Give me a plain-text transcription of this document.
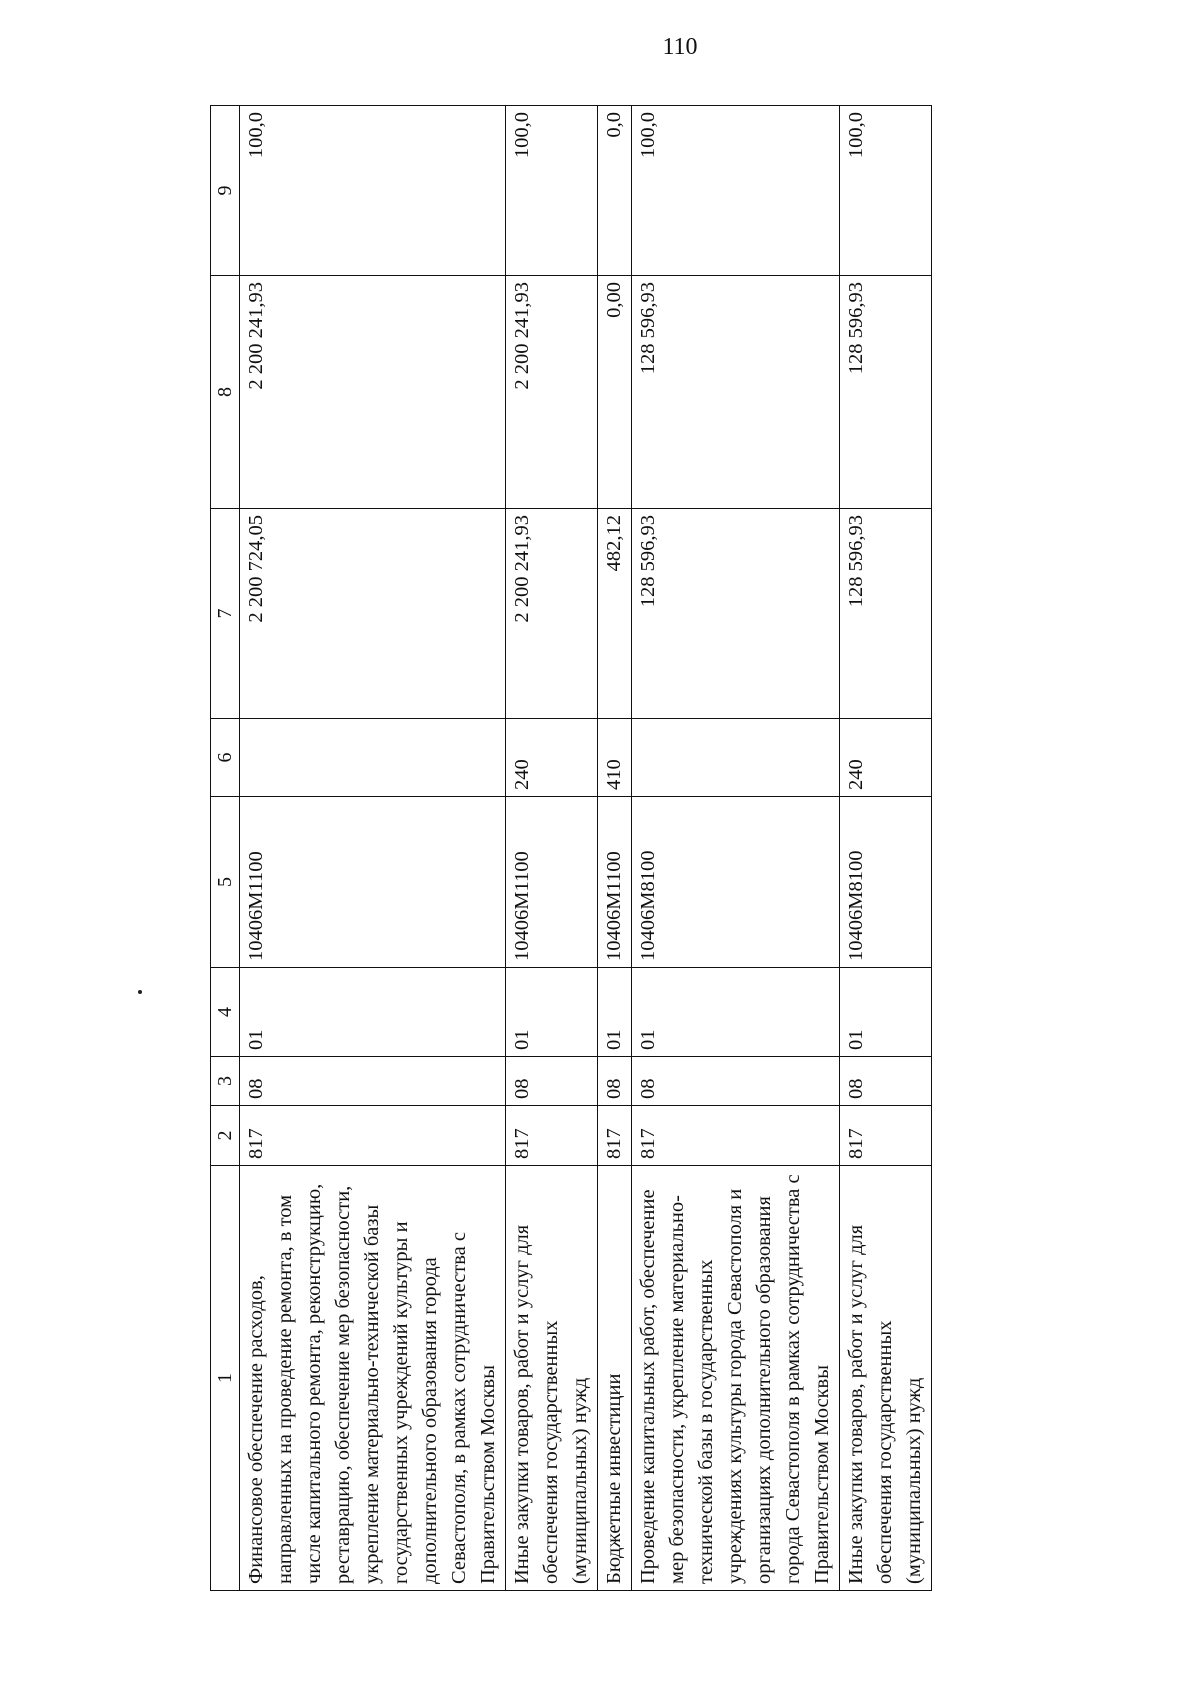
110
1	2	3	4	5	6	7	8	9
Финансовое обеспечение расходов, направленных на проведение ремонта, в том числе капитального ремонта, реконструкцию, реставрацию, обеспечение мер безопасности, укрепление материально-технической базы государственных учреждений культуры и дополнительного образования города Севастополя, в рамках сотрудничества с Правительством Москвы	817	08	01	10406М1100		2 200 724,05	2 200 241,93	100,0
Иные закупки товаров, работ и услуг для обеспечения государственных (муниципальных) нужд	817	08	01	10406М1100	240	2 200 241,93	2 200 241,93	100,0
Бюджетные инвестиции	817	08	01	10406М1100	410	482,12	0,00	0,0
Проведение капитальных работ, обеспечение мер безопасности, укрепление материально-технической базы в государственных учреждениях культуры города Севастополя и организациях дополнительного образования города Севастополя в рамках сотрудничества с Правительством Москвы	817	08	01	10406М8100		128 596,93	128 596,93	100,0
Иные закупки товаров, работ и услуг для обеспечения государственных (муниципальных) нужд	817	08	01	10406М8100	240	128 596,93	128 596,93	100,0
